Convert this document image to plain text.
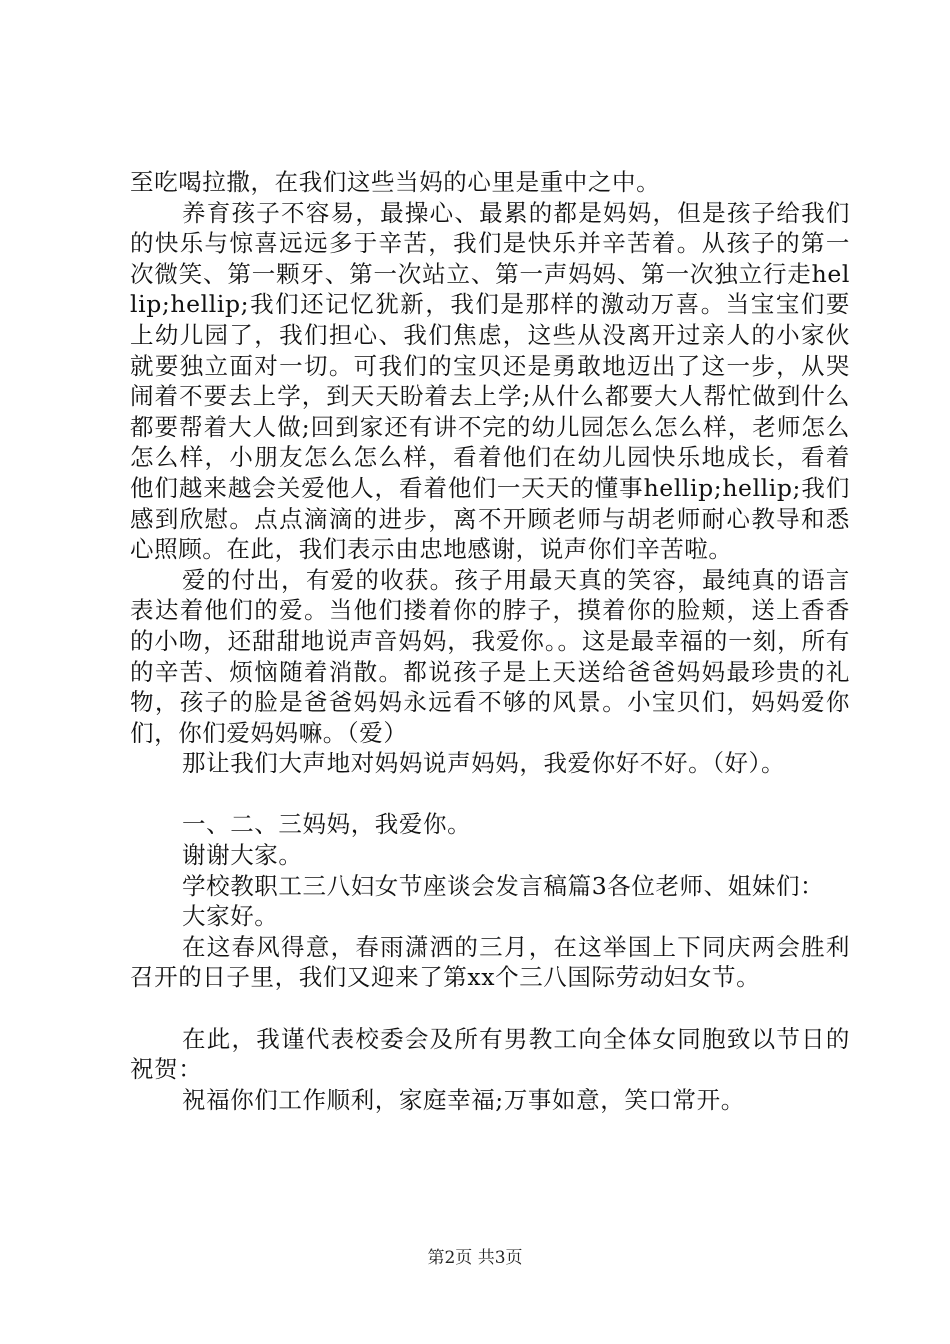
至吃喝拉撒，在我们这些当妈的心里是重中之中。

养育孩子不容易，最操心、最累的都是妈妈，但是孩子给我们的快乐与惊喜远远多于辛苦，我们是快乐并辛苦着。从孩子的第一次微笑、第一颗牙、第一次站立、第一声妈妈、第一次独立行走hellip;hellip;我们还记忆犹新，我们是那样的激动万喜。当宝宝们要上幼儿园了，我们担心、我们焦虑，这些从没离开过亲人的小家伙就要独立面对一切。可我们的宝贝还是勇敢地迈出了这一步，从哭闹着不要去上学，到天天盼着去上学;从什么都要大人帮忙做到什么都要帮着大人做;回到家还有讲不完的幼儿园怎么怎么样，老师怎么怎么样，小朋友怎么怎么样，看着他们在幼儿园快乐地成长，看着他们越来越会关爱他人，看着他们一天天的懂事hellip;hellip;我们感到欣慰。点点滴滴的进步，离不开顾老师与胡老师耐心教导和悉心照顾。在此，我们表示由忠地感谢，说声你们辛苦啦。

爱的付出，有爱的收获。孩子用最天真的笑容，最纯真的语言表达着他们的爱。当他们搂着你的脖子，摸着你的脸颊，送上香香的小吻，还甜甜地说声音妈妈，我爱你。。这是最幸福的一刻，所有的辛苦、烦恼随着消散。都说孩子是上天送给爸爸妈妈最珍贵的礼物，孩子的脸是爸爸妈妈永远看不够的风景。小宝贝们，妈妈爱你们，你们爱妈妈嘛。（爱）

那让我们大声地对妈妈说声妈妈，我爱你好不好。（好）。

一、二、三妈妈，我爱你。

谢谢大家。

学校教职工三八妇女节座谈会发言稿篇3各位老师、姐妹们：

大家好。

在这春风得意，春雨潇洒的三月，在这举国上下同庆两会胜利召开的日子里，我们又迎来了第xx个三八国际劳动妇女节。

在此，我谨代表校委会及所有男教工向全体女同胞致以节日的祝贺：

祝福你们工作顺利，家庭幸福;万事如意，笑口常开。

第2页 共3页
